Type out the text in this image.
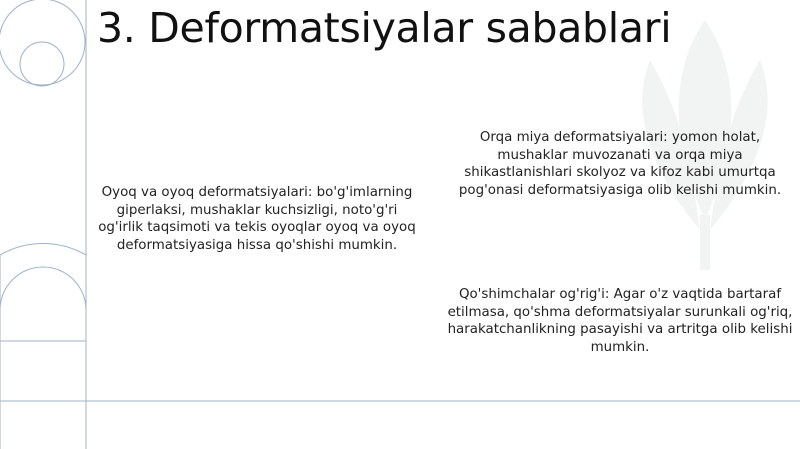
3. Deformatsiyalar sabablari
Oyoq va oyoq deformatsiyalari: bo'g'imlarning giperlaksi, mushaklar kuchsizligi, noto'g'ri og'irlik taqsimoti va tekis oyoqlar oyoq va oyoq deformatsiyasiga hissa qo'shishi mumkin.
Orqa miya deformatsiyalari: yomon holat, mushaklar muvozanati va orqa miya shikastlanishlari skolyoz va kifoz kabi umurtqa pog'onasi deformatsiyasiga olib kelishi mumkin.
Qo'shimchalar og'rig'i: Agar o'z vaqtida bartaraf etilmasa, qo'shma deformatsiyalar surunkali og'riq, harakatchanlikning pasayishi va artritga olib kelishi mumkin.
